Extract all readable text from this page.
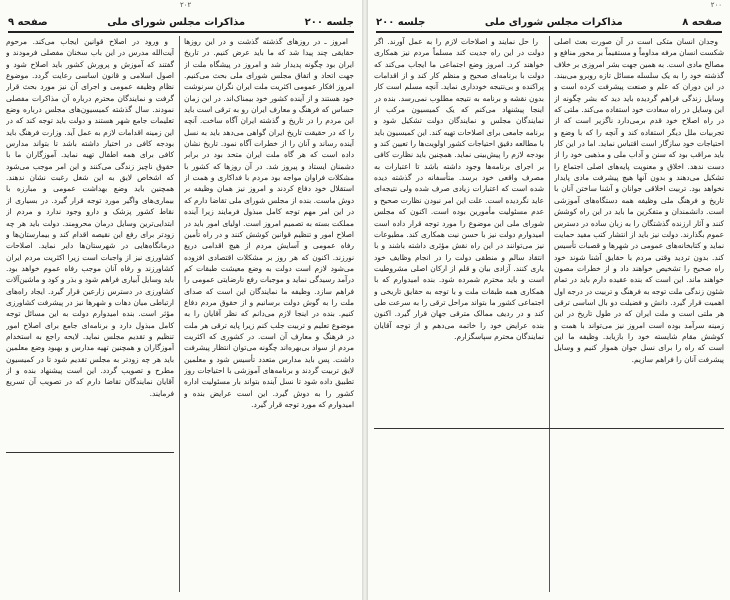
۲۰۲
جلسه ۲۰۰
مذاکرات مجلس شورای ملی
صفحه ۹

امروز ـ در روزهای گذشته گذشت و در این روزها حقایقی چند پیدا شد که ما باید عرض کنیم. در تاریخ ایران بود چگونه پدیدار شد و امروز در پیشگاه ملت از جهت اتحاد و اتفاق مجلس شورای ملی بحث می‌کنیم. امروز افکار عمومی اکثریت ملت ایران نگران سرنوشت خود هستند و از آینده کشور خود بیمناک‌اند. در این زمان حساس که فرهنگ و معارف ایران رو به ترقی است باید این مردم را در تاریخ و گذشته ایران آگاه ساخت. آنچه را که در حقیقت تاریخ ایران گواهی می‌دهد باید به نسل آینده رساند و آنان را از خطرات آگاه نمود. تاریخ نشان داده است که هر گاه ملت ایران متحد بود در برابر دشمنان ایستاد و پیروز شد. در آن روزها که کشور با مشکلات فراوان مواجه بود مردم با فداکاری و همت از استقلال خود دفاع کردند و امروز نیز همان وظیفه بر دوش ماست. بنده از مجلس شورای ملی تقاضا دارم که در این امر مهم توجه کامل مبذول فرمایند زیرا آینده مملکت بسته به تصمیم امروز است. اولیای امور باید در اصلاح امور و تنظیم قوانین کوشش کنند و در راه تأمین رفاه عمومی و آسایش مردم از هیچ اقدامی دریغ نورزند. اکنون که هر روز بر مشکلات اقتصادی افزوده می‌شود لازم است دولت به وضع معیشت طبقات کم درآمد رسیدگی نماید و موجبات رفع نارضایتی عمومی را فراهم سازد. وظیفه ما نمایندگان این است که صدای ملت را به گوش دولت برسانیم و از حقوق مردم دفاع کنیم. بنده در اینجا لازم می‌دانم که نظر آقایان را به موضوع تعلیم و تربیت جلب کنم زیرا پایه ترقی هر ملت در فرهنگ و معارف آن است. در کشوری که اکثریت مردم از سواد بی‌بهره‌اند چگونه می‌توان انتظار پیشرفت داشت. پس باید مدارس متعدد تأسیس شود و معلمین لایق تربیت گردند و برنامه‌های آموزشی با احتیاجات روز تطبیق داده شود تا نسل آینده بتواند بار مسئولیت اداره کشور را به دوش گیرد. این است عرایض بنده و امیدوارم که مورد توجه قرار گیرد.

و ورود در اصلاح قوانین ایجاب می‌کند. مرحوم آیت‌الله مدرس در این باب سخنان مفصلی فرمودند و گفتند که آموزش و پرورش کشور باید اصلاح شود و اصول اسلامی و قانون اساسی رعایت گردد. موضوع نظام وظیفه عمومی و اجرای آن نیز مورد بحث قرار گرفت و نمایندگان محترم درباره آن مذاکرات مفصلی نمودند. سال گذشته کمیسیون‌های مجلس درباره وضع تعلیمات جامع شهر هستند و دولت باید توجه کند که در این زمینه اقدامات لازم به عمل آید. وزارت فرهنگ باید بودجه کافی در اختیار داشته باشد تا بتواند مدارس کافی برای همه اطفال تهیه نماید. آموزگاران ما با حقوق ناچیز زندگی می‌کنند و این امر موجب می‌شود که اشخاص لایق به این شغل رغبت نشان ندهند. همچنین باید وضع بهداشت عمومی و مبارزه با بیماری‌های واگیر مورد توجه قرار گیرد. در بسیاری از نقاط کشور پزشک و دارو وجود ندارد و مردم از ابتدایی‌ترین وسایل درمان محرومند. دولت باید هر چه زودتر برای رفع این نقیصه اقدام کند و بیمارستان‌ها و درمانگاه‌هایی در شهرستان‌ها دایر نماید. اصلاحات کشاورزی نیز از واجبات است زیرا اکثریت مردم ایران کشاورزند و رفاه آنان موجب رفاه عموم خواهد بود. باید وسایل آبیاری فراهم شود و بذر و کود و ماشین‌آلات کشاورزی در دسترس زارعین قرار گیرد. ایجاد راه‌های ارتباطی میان دهات و شهرها نیز در پیشرفت کشاورزی مؤثر است. بنده امیدوارم دولت به این مسائل توجه کامل مبذول دارد و برنامه‌ای جامع برای اصلاح امور تنظیم و تقدیم مجلس نماید. لایحه راجع به استخدام آموزگاران و همچنین تهیه مدارس و بهبود وضع معلمین باید هر چه زودتر به مجلس تقدیم شود تا در کمیسیون مطرح و تصویب گردد. این است پیشنهاد بنده و از آقایان نمایندگان تقاضا دارم که در تصویب آن تسریع فرمایند.

۲۰۰
صفحه ۸
مذاکرات مجلس شورای ملی
جلسه ۲۰۰

وجدان انسان متکی است در آن صورت بعث اصلی شکست انسان مرفه مداوماً و مستقیماً بر محور منافع و مصالح مادی است. به همین جهت بشر امروزی بر خلاف گذشته خود را به یک سلسله مسائل تازه روبرو می‌بیند. در این دوران که علم و صنعت پیشرفت کرده است و وسایل زندگی فراهم گردیده باید دید که بشر چگونه از این وسایل در راه سعادت خود استفاده می‌کند. ملتی که در راه اصلاح خود قدم برمی‌دارد ناگزیر است که از تجربیات ملل دیگر استفاده کند و آنچه را که با وضع و احتیاجات خود سازگار است اقتباس نماید. اما در این کار باید مراقب بود که سنن و آداب ملی و مذهبی خود را از دست ندهد. اخلاق و معنویت پایه‌های اصلی اجتماع را تشکیل می‌دهند و بدون آنها هیچ پیشرفت مادی پایدار نخواهد بود. تربیت اخلاقی جوانان و آشنا ساختن آنان با تاریخ و فرهنگ ملی وظیفه همه دستگاه‌های آموزشی است. دانشمندان و متفکرین ما باید در این راه کوشش کنند و آثار ارزنده گذشتگان را به زبان ساده در دسترس عموم بگذارند. دولت نیز باید از انتشار کتب مفید حمایت نماید و کتابخانه‌های عمومی در شهرها و قصبات تأسیس کند. بدون تردید وقتی مردم با حقایق آشنا شوند خود راه صحیح را تشخیص خواهند داد و از خطرات مصون خواهند ماند. این است که بنده عقیده دارم باید در تمام شئون زندگی ملت توجه به فرهنگ و تربیت در درجه اول اهمیت قرار گیرد. دانش و فضیلت دو بال اساسی ترقی هر ملتی است و ملت ایران که در طول تاریخ در این زمینه سرآمد بوده است امروز نیز می‌تواند با همت و کوشش مقام شایسته خود را بازیابد. وظیفه ما این است که راه را برای نسل جوان هموار کنیم و وسایل پیشرفت آنان را فراهم سازیم.

را حل نمایند و اصلاحات لازم را به عمل آورند. اگر دولت در این راه جدیت کند مسلماً مردم نیز همکاری خواهند کرد. امروز وضع اجتماعی ما ایجاب می‌کند که دولت با برنامه‌ای صحیح و منظم کار کند و از اقدامات پراکنده و بی‌نتیجه خودداری نماید. آنچه مسلم است کار بدون نقشه و برنامه به نتیجه مطلوب نمی‌رسد. بنده در اینجا پیشنهاد می‌کنم که یک کمیسیون مرکب از نمایندگان مجلس و نمایندگان دولت تشکیل شود و برنامه جامعی برای اصلاحات تهیه کند. این کمیسیون باید با مطالعه دقیق احتیاجات کشور اولویت‌ها را تعیین کند و بودجه لازم را پیش‌بینی نماید. همچنین باید نظارت کافی بر اجرای برنامه‌ها وجود داشته باشد تا اعتبارات به مصرف واقعی خود برسد. متأسفانه در گذشته دیده شده است که اعتبارات زیادی صرف شده ولی نتیجه‌ای عاید نگردیده است. علت این امر نبودن نظارت صحیح و عدم مسئولیت مأمورین بوده است. اکنون که مجلس شورای ملی این موضوع را مورد توجه قرار داده است امیدوارم دولت نیز با حسن نیت همکاری کند. مطبوعات نیز می‌توانند در این راه نقش مؤثری داشته باشند و با انتقاد سالم و منطقی دولت را در انجام وظایف خود یاری کنند. آزادی بیان و قلم از ارکان اصلی مشروطیت است و باید محترم شمرده شود. بنده امیدوارم که با همکاری همه طبقات ملت و با توجه به حقایق تاریخی و اجتماعی کشور ما بتواند مراحل ترقی را به سرعت طی کند و در ردیف ممالک مترقی جهان قرار گیرد. اکنون بنده عرایض خود را خاتمه می‌دهم و از توجه آقایان نمایندگان محترم سپاسگزارم.
